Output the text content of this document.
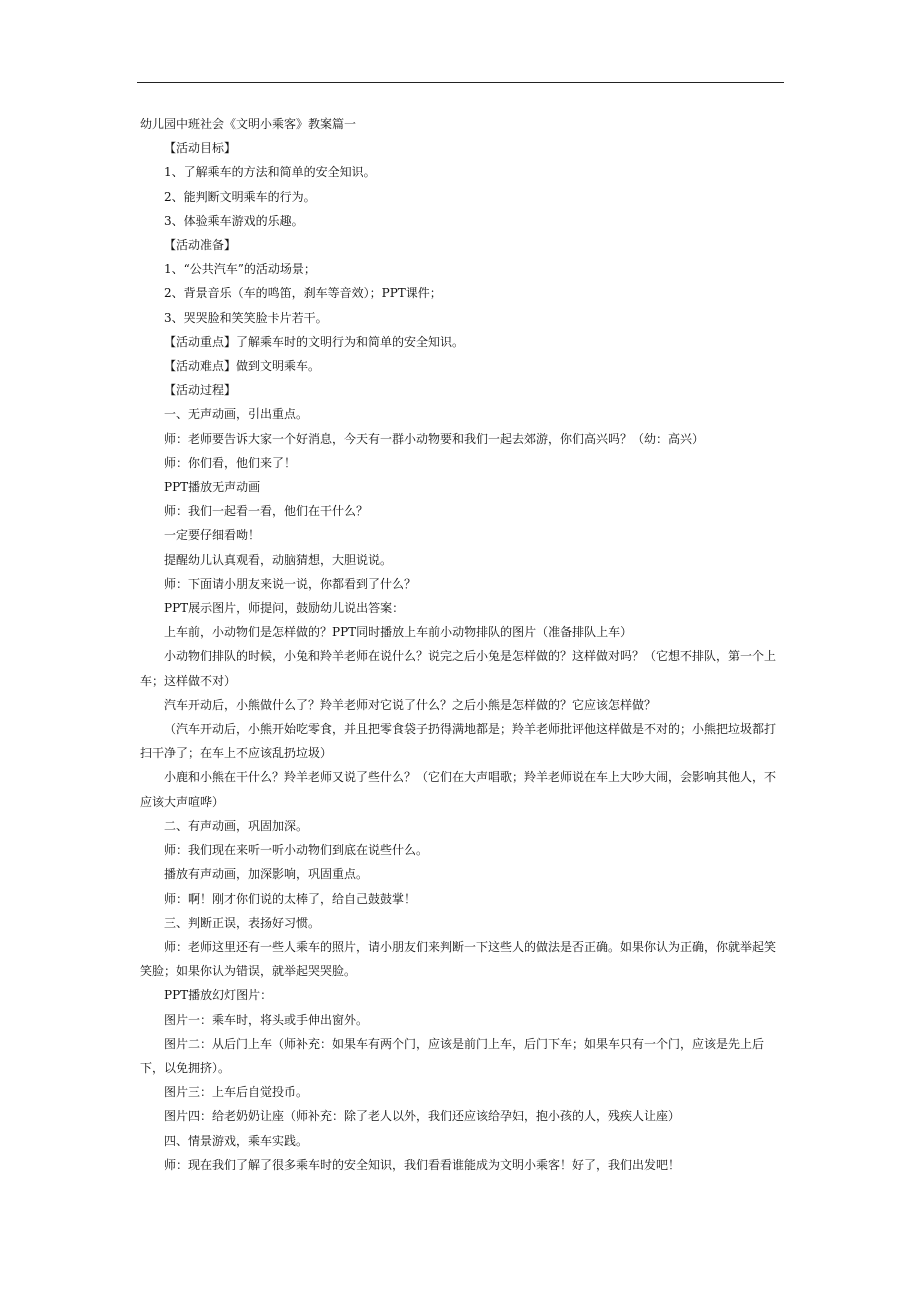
幼儿园中班社会《文明小乘客》教案篇一

【活动目标】

1、了解乘车的方法和简单的安全知识。

2、能判断文明乘车的行为。

3、体验乘车游戏的乐趣。

【活动准备】

1、“公共汽车”的活动场景；

2、背景音乐（车的鸣笛，刹车等音效）；PPT课件；

3、哭哭脸和笑笑脸卡片若干。

【活动重点】了解乘车时的文明行为和简单的安全知识。

【活动难点】做到文明乘车。

【活动过程】

一、无声动画，引出重点。

师：老师要告诉大家一个好消息，今天有一群小动物要和我们一起去郊游，你们高兴吗？（幼：高兴）

师：你们看，他们来了！

PPT播放无声动画

师：我们一起看一看，他们在干什么？

一定要仔细看呦！

提醒幼儿认真观看，动脑猜想，大胆说说。

师：下面请小朋友来说一说，你都看到了什么？

PPT展示图片，师提问，鼓励幼儿说出答案：

上车前，小动物们是怎样做的？PPT同时播放上车前小动物排队的图片（准备排队上车）

小动物们排队的时候，小兔和羚羊老师在说什么？说完之后小兔是怎样做的？这样做对吗？（它想不排队，第一个上车；这样做不对）

汽车开动后，小熊做什么了？羚羊老师对它说了什么？之后小熊是怎样做的？它应该怎样做？

（汽车开动后，小熊开始吃零食，并且把零食袋子扔得满地都是；羚羊老师批评他这样做是不对的；小熊把垃圾都打扫干净了；在车上不应该乱扔垃圾）

小鹿和小熊在干什么？羚羊老师又说了些什么？（它们在大声唱歌；羚羊老师说在车上大吵大闹，会影响其他人，不应该大声喧哗）

二、有声动画，巩固加深。

师：我们现在来听一听小动物们到底在说些什么。

播放有声动画，加深影响，巩固重点。

师：啊！刚才你们说的太棒了，给自己鼓鼓掌！

三、判断正误，表扬好习惯。

师：老师这里还有一些人乘车的照片，请小朋友们来判断一下这些人的做法是否正确。如果你认为正确，你就举起笑笑脸；如果你认为错误，就举起哭哭脸。

PPT播放幻灯图片：

图片一：乘车时，将头或手伸出窗外。

图片二：从后门上车（师补充：如果车有两个门，应该是前门上车，后门下车；如果车只有一个门，应该是先上后下，以免拥挤）。

图片三：上车后自觉投币。

图片四：给老奶奶让座（师补充：除了老人以外，我们还应该给孕妇，抱小孩的人，残疾人让座）

四、情景游戏，乘车实践。

师：现在我们了解了很多乘车时的安全知识，我们看看谁能成为文明小乘客！好了，我们出发吧！
